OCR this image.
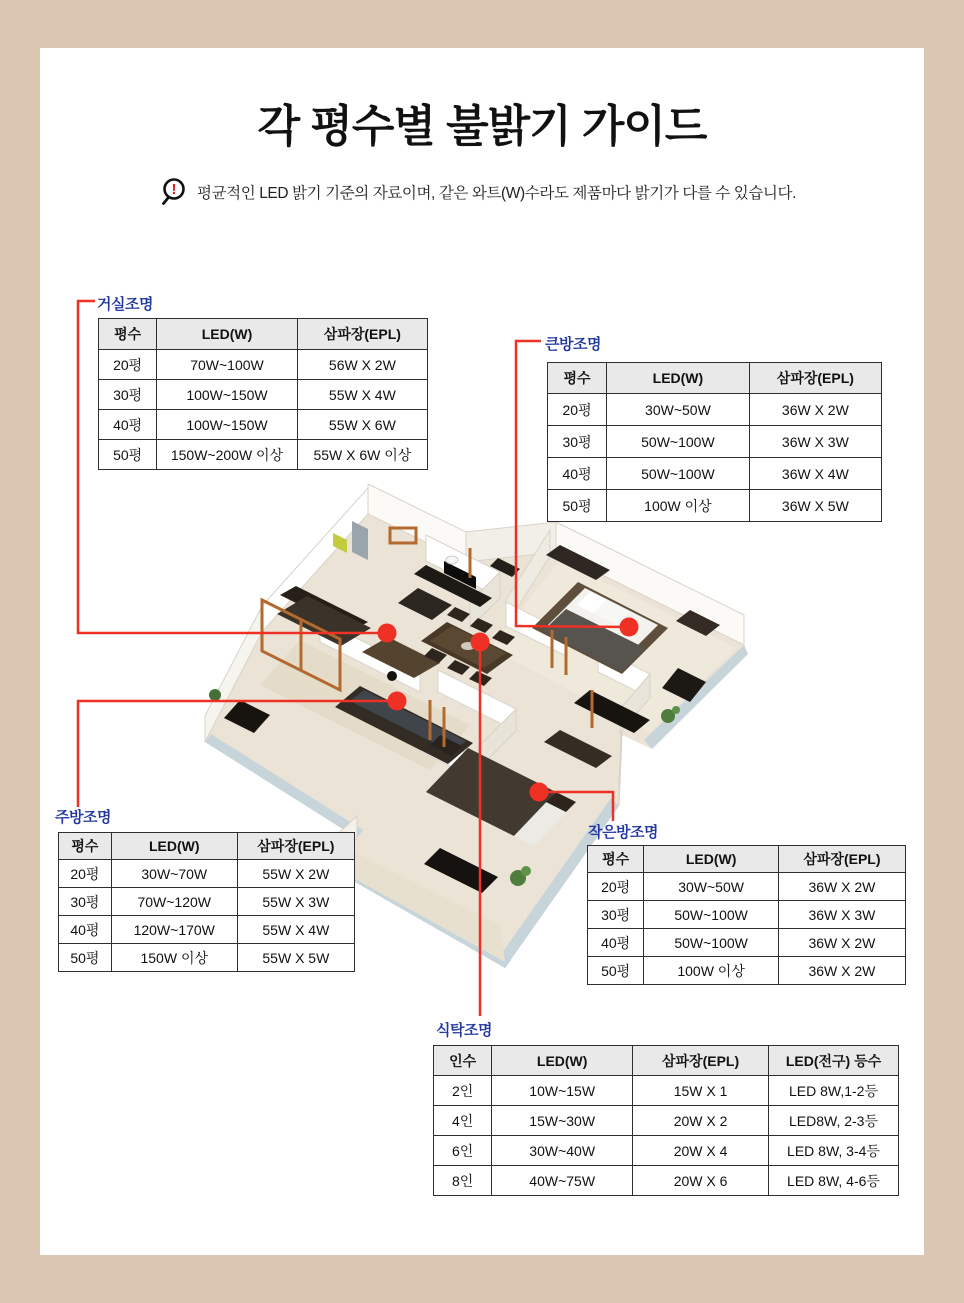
각 평수별 불밝기 가이드
! 평균적인 LED 밝기 기준의 자료이며, 같은 와트(W)수라도 제품마다 밝기가 다를 수 있습니다.
거실조명
큰방조명
주방조명
작은방조명
식탁조명
평수	LED(W)	삼파장(EPL)
20평	70W~100W	56W X 2W
30평	100W~150W	55W X 4W
40평	100W~150W	55W X 6W
50평	150W~200W 이상	55W X 6W 이상
평수	LED(W)	삼파장(EPL)
20평	30W~50W	36W X 2W
30평	50W~100W	36W X 3W
40평	50W~100W	36W X 4W
50평	100W 이상	36W X 5W
평수	LED(W)	삼파장(EPL)
20평	30W~70W	55W X 2W
30평	70W~120W	55W X 3W
40평	120W~170W	55W X 4W
50평	150W 이상	55W X 5W
평수	LED(W)	삼파장(EPL)
20평	30W~50W	36W X 2W
30평	50W~100W	36W X 3W
40평	50W~100W	36W X 2W
50평	100W 이상	36W X 2W
인수	LED(W)	삼파장(EPL)	LED(전구) 등수
2인	10W~15W	15W X 1	LED 8W,1-2등
4인	15W~30W	20W X 2	LED8W, 2-3등
6인	30W~40W	20W X 4	LED 8W, 3-4등
8인	40W~75W	20W X 6	LED 8W, 4-6등
